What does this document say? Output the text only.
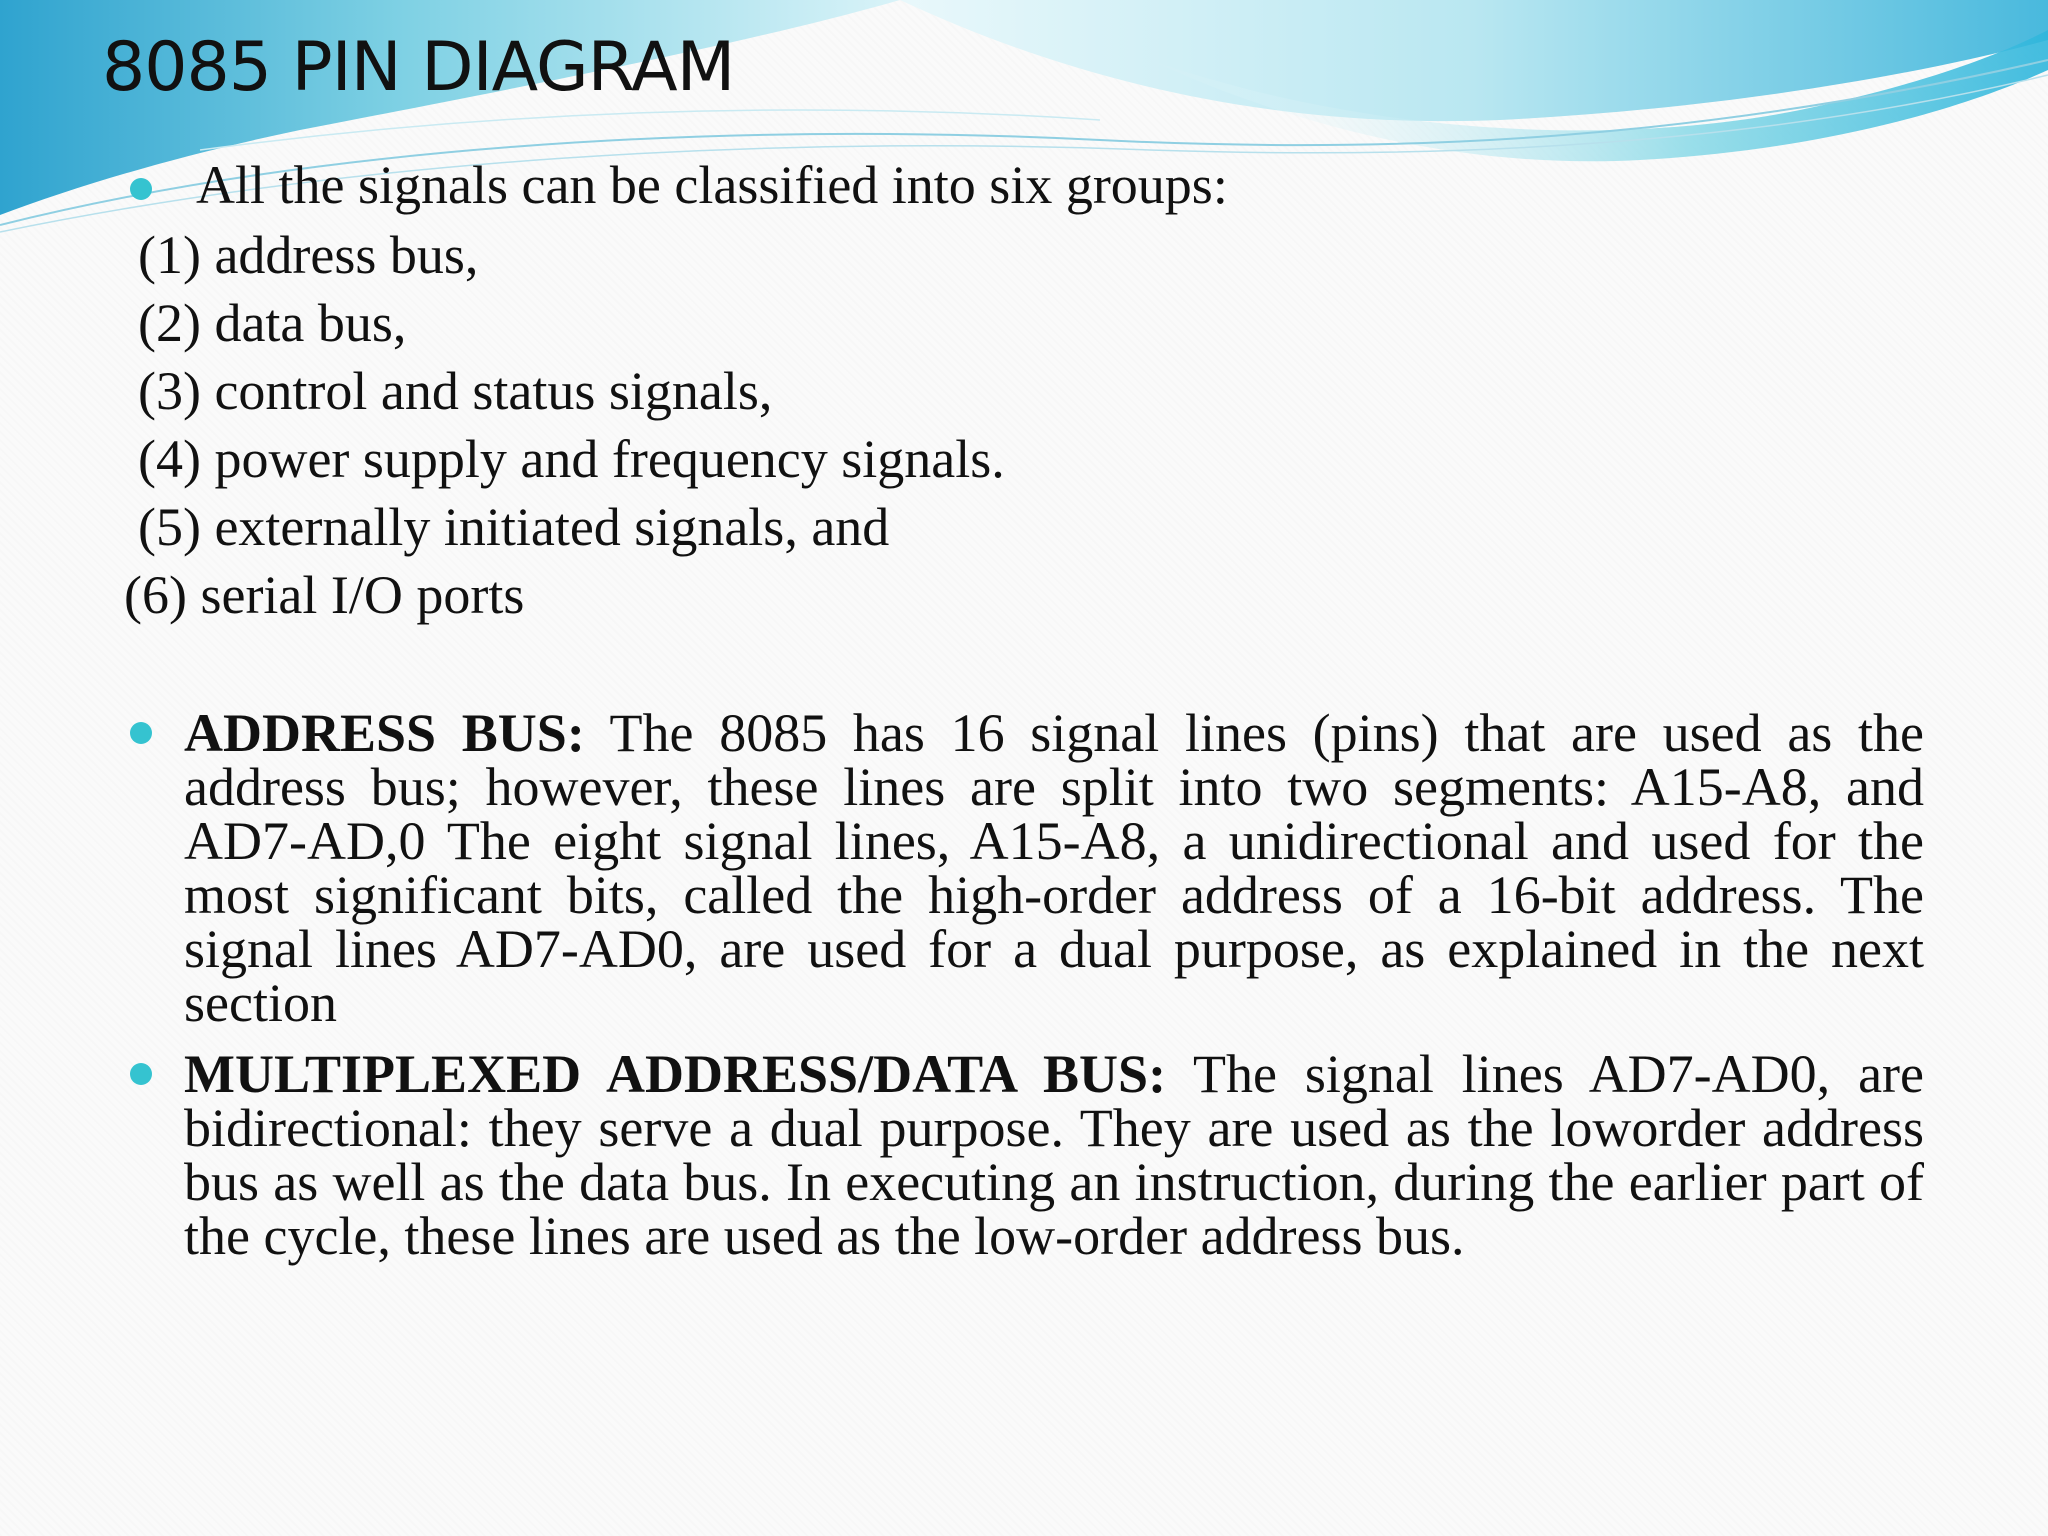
8085 PIN DIAGRAM
All the signals can be classified into six groups:
(1) address bus,
(2) data bus,
(3) control and status signals,
(4) power supply and frequency signals.
(5) externally initiated signals, and
(6) serial I/O ports
ADDRESS BUS: The 8085 has 16 signal lines (pins) that are used as the address bus; however, these lines are split into two segments: A15-A8, and AD7-AD,0 The eight signal lines, A15-A8, a unidirectional and used for the most significant bits, called the high-order address of a 16-bit address. The signal lines AD7-AD0, are used for a dual purpose, as explained in the next section
MULTIPLEXED ADDRESS/DATA BUS: The signal lines AD7-AD0, are bidirectional: they serve a dual purpose. They are used as the loworder address bus as well as the data bus. In executing an instruction, during the earlier part of the cycle, these lines are used as the low-order address bus.
